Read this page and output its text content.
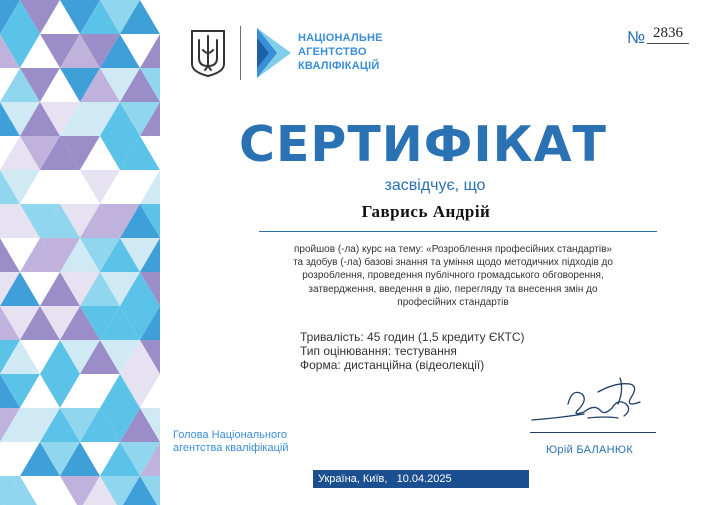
НАЦІОНАЛЬНЕ
АГЕНТСТВО
КВАЛІФІКАЦІЙ
№ 2836
СЕРТИФІКАТ
засвідчує, що
Гаврись Андрій
пройшов (-ла) курс на тему: «Розроблення професійних стандартів»
та здобув (-ла) базові знання та уміння щодо методичних підходів до
розроблення, проведення публічного громадського обговорення,
затвердження, введення в дію, перегляду та внесення змін до
професійних стандартів
Тривалість: 45 годин (1,5 кредиту ЄКТС)
Тип оцінювання: тестування
Форма: дистанційна (відеолекції)
Голова Національного
агентства кваліфікацій	Юрій БАЛАНЮК
Україна, Київ,   10.04.2025
